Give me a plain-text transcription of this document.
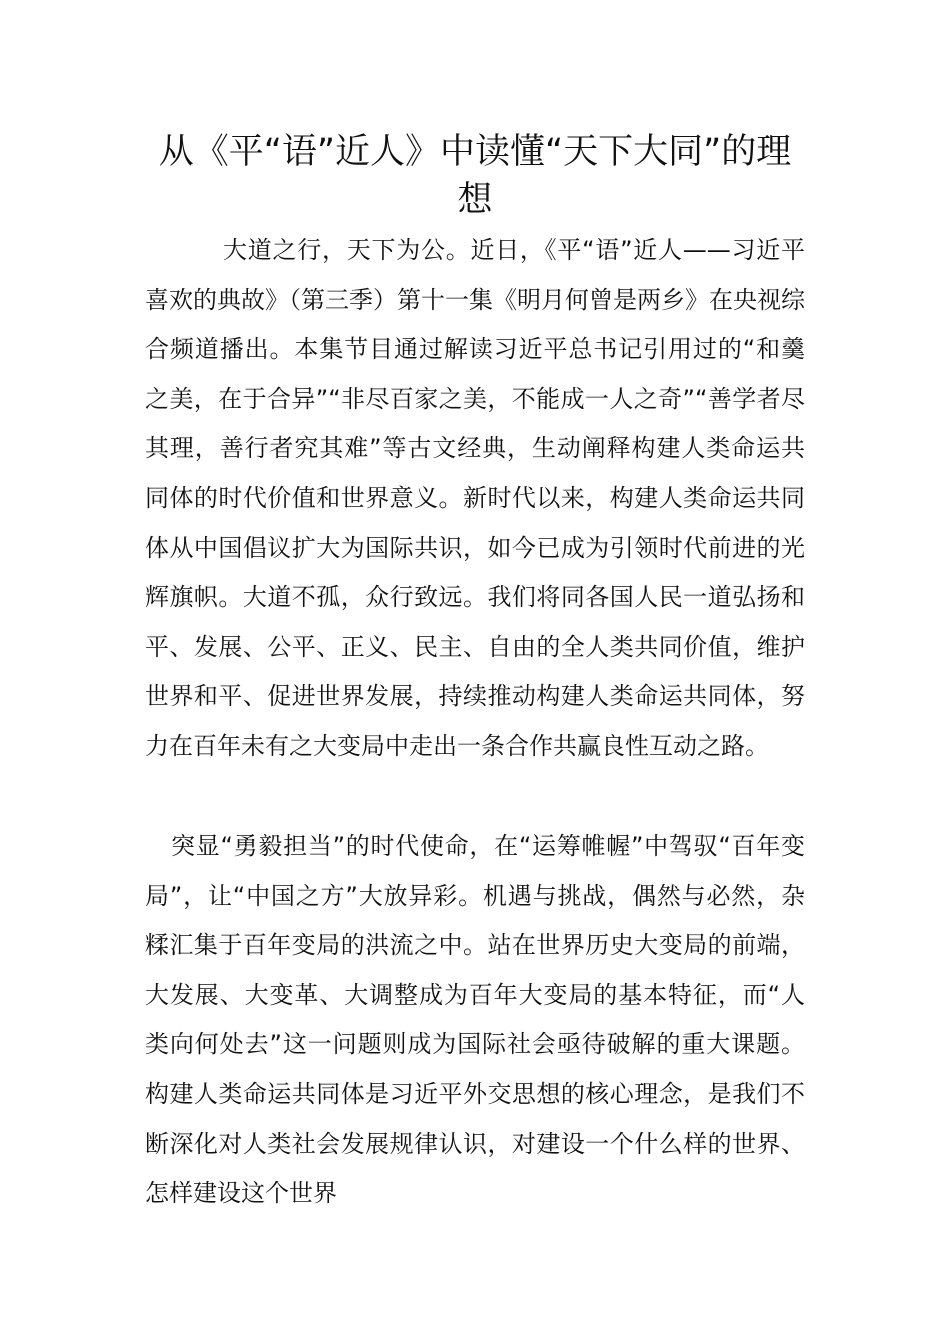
从《平“语”近人》中读懂“天下大同”的理想

大道之行，天下为公。近日，《平“语”近人——习近平喜欢的典故》（第三季）第十一集《明月何曾是两乡》在央视综合频道播出。本集节目通过解读习近平总书记引用过的“和羹之美，在于合异”“非尽百家之美，不能成一人之奇”“善学者尽其理，善行者究其难”等古文经典，生动阐释构建人类命运共同体的时代价值和世界意义。新时代以来，构建人类命运共同体从中国倡议扩大为国际共识，如今已成为引领时代前进的光辉旗帜。大道不孤，众行致远。我们将同各国人民一道弘扬和平、发展、公平、正义、民主、自由的全人类共同价值，维护世界和平、促进世界发展，持续推动构建人类命运共同体，努力在百年未有之大变局中走出一条合作共赢良性互动之路。

突显“勇毅担当”的时代使命，在“运筹帷幄”中驾驭“百年变局”，让“中国之方”大放异彩。机遇与挑战，偶然与必然，杂糅汇集于百年变局的洪流之中。站在世界历史大变局的前端，大发展、大变革、大调整成为百年大变局的基本特征，而“人类向何处去”这一问题则成为国际社会亟待破解的重大课题。构建人类命运共同体是习近平外交思想的核心理念，是我们不断深化对人类社会发展规律认识，对建设一个什么样的世界、怎样建设这个世界
